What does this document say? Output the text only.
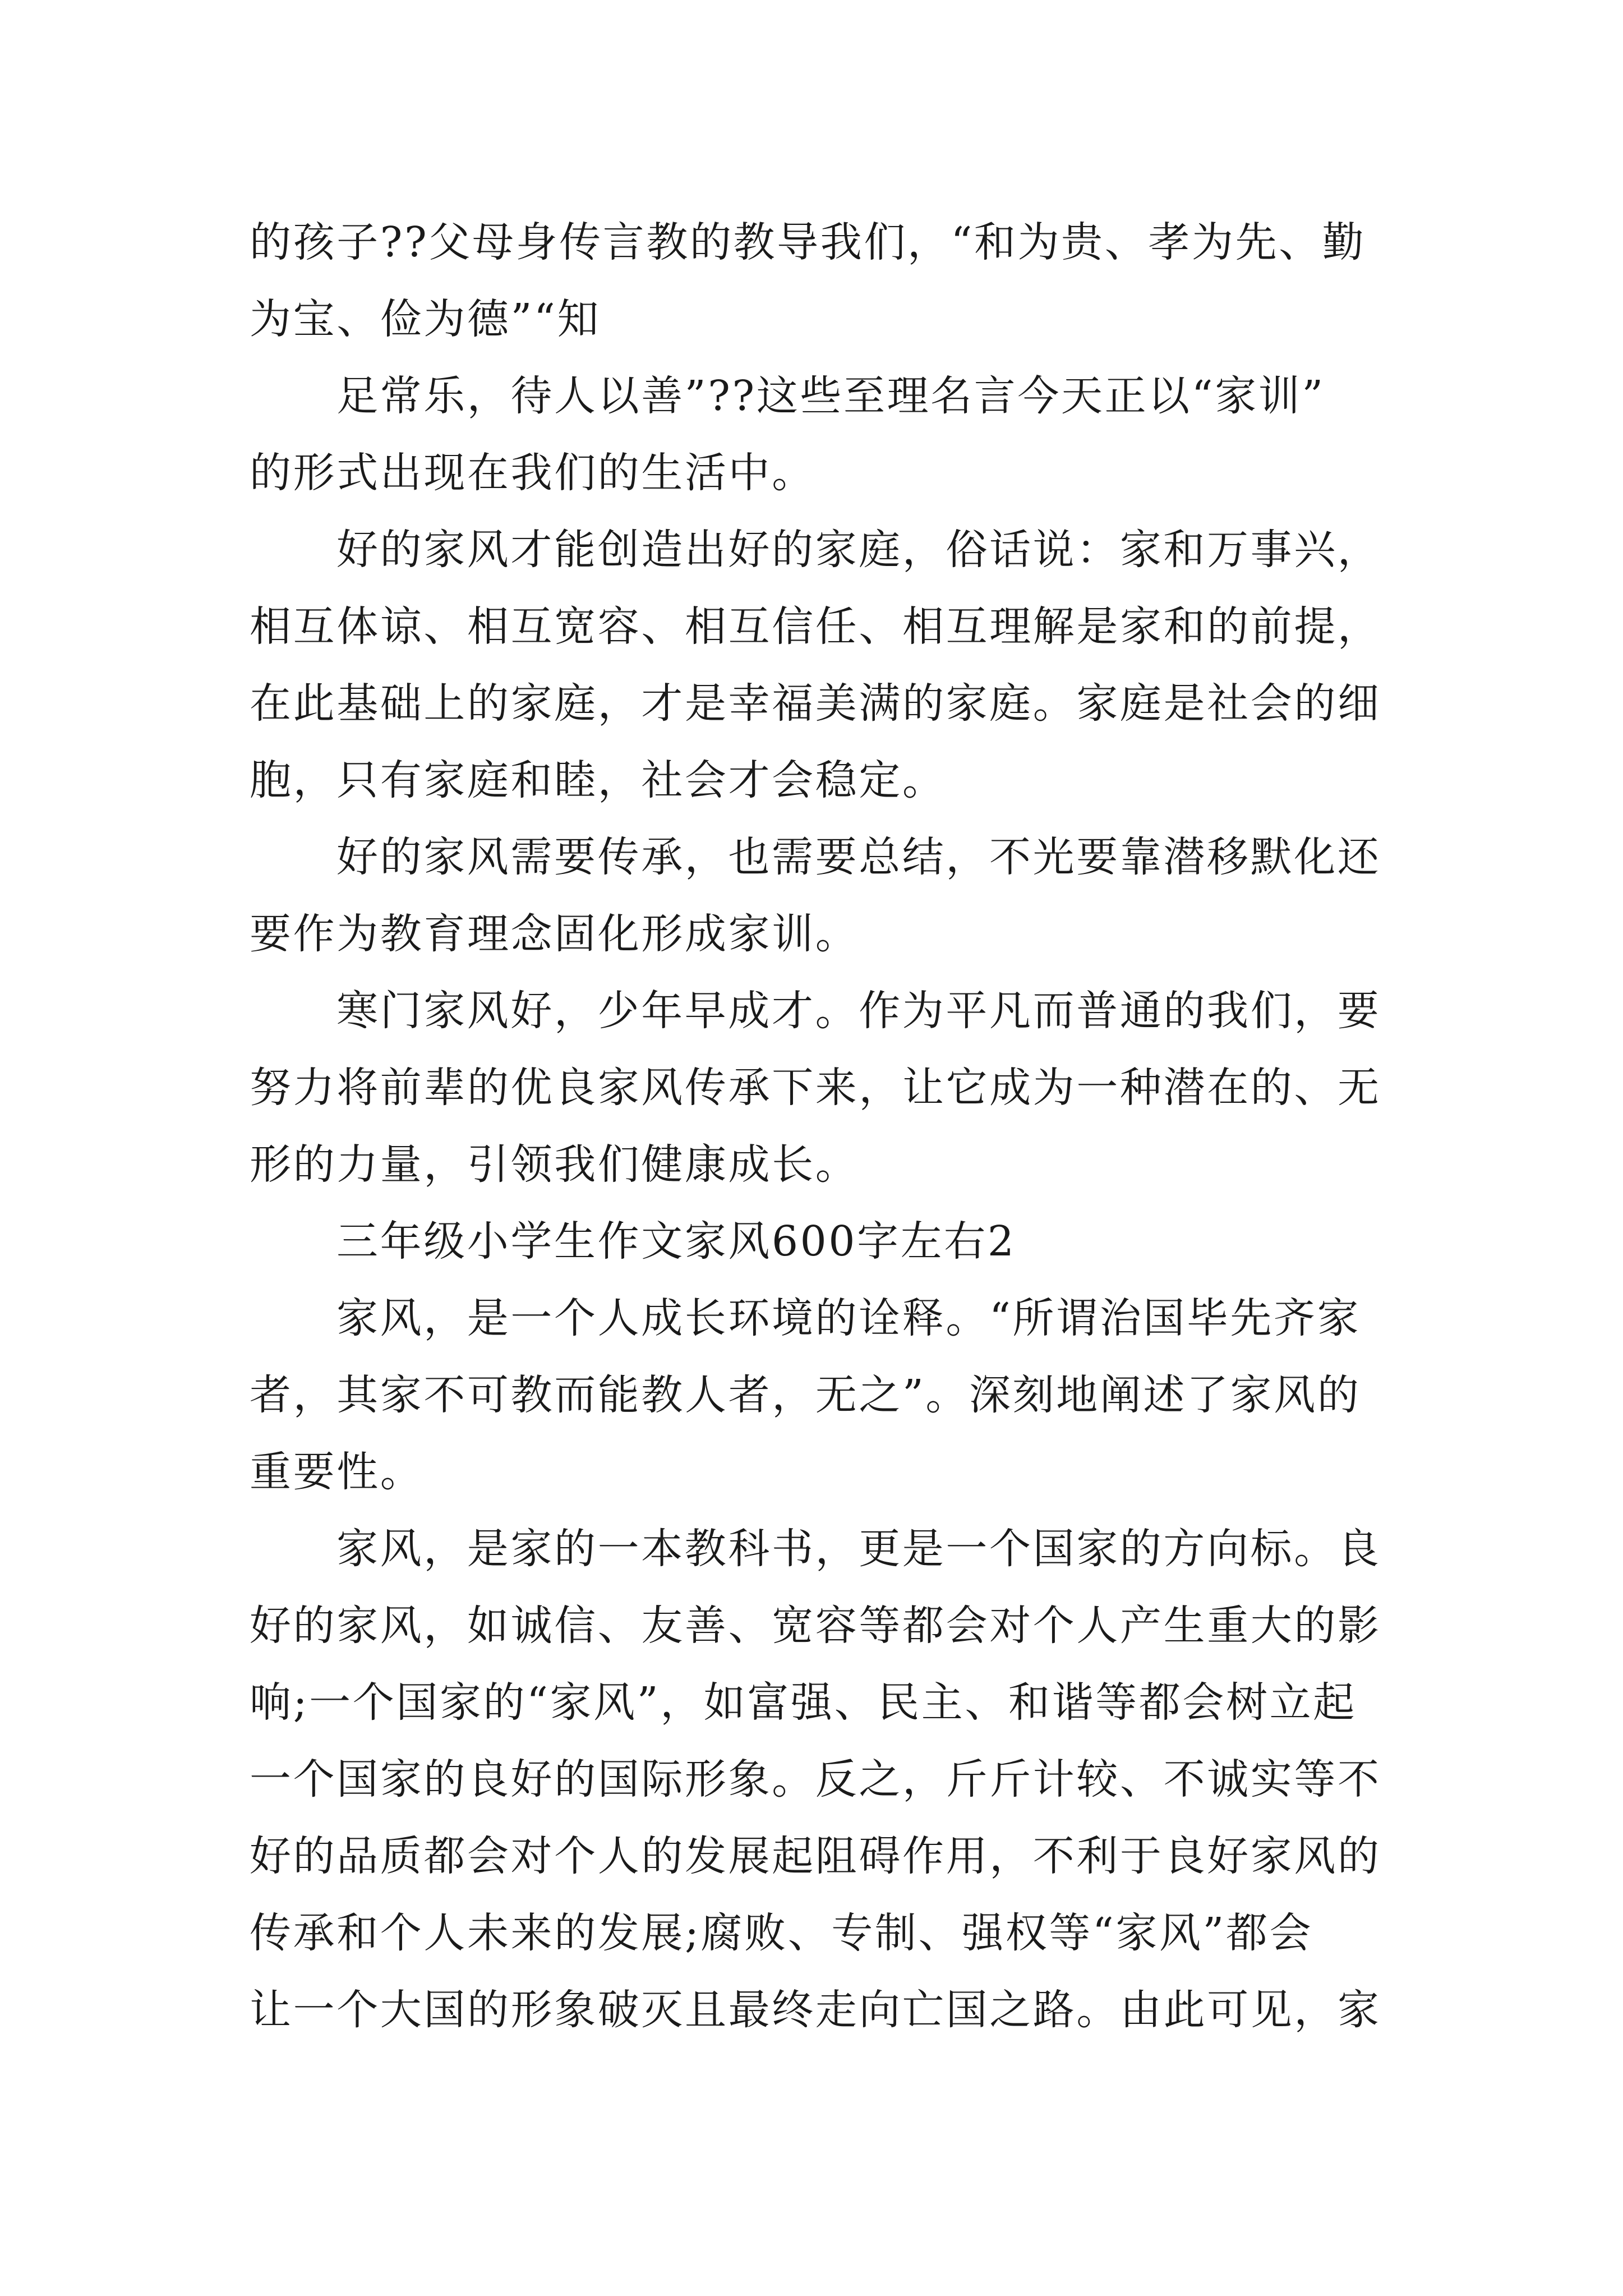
的孩子??父母身传言教的教导我们，“和为贵、孝为先、勤
为宝、俭为德”“知
足常乐，待人以善”??这些至理名言今天正以“家训”
的形式出现在我们的生活中。
好的家风才能创造出好的家庭，俗话说：家和万事兴，
相互体谅、相互宽容、相互信任、相互理解是家和的前提，
在此基础上的家庭，才是幸福美满的家庭。家庭是社会的细
胞，只有家庭和睦，社会才会稳定。
好的家风需要传承，也需要总结，不光要靠潜移默化还
要作为教育理念固化形成家训。
寒门家风好，少年早成才。作为平凡而普通的我们，要
努力将前辈的优良家风传承下来，让它成为一种潜在的、无
形的力量，引领我们健康成长。
三年级小学生作文家风600字左右2
家风，是一个人成长环境的诠释。“所谓治国毕先齐家
者，其家不可教而能教人者，无之”。深刻地阐述了家风的
重要性。
家风，是家的一本教科书，更是一个国家的方向标。良
好的家风，如诚信、友善、宽容等都会对个人产生重大的影
响;一个国家的“家风”，如富强、民主、和谐等都会树立起
一个国家的良好的国际形象。反之，斤斤计较、不诚实等不
好的品质都会对个人的发展起阻碍作用，不利于良好家风的
传承和个人未来的发展;腐败、专制、强权等“家风”都会
让一个大国的形象破灭且最终走向亡国之路。由此可见，家
